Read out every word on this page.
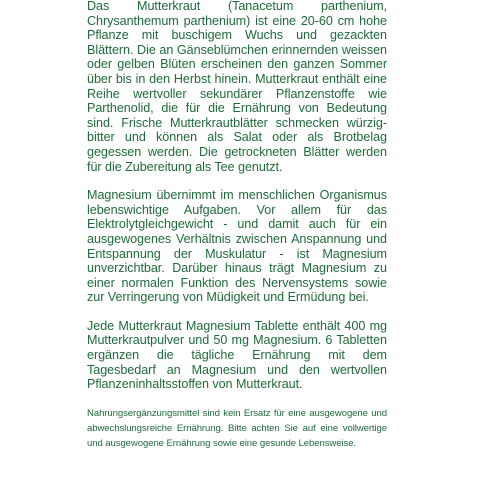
Das Mutterkraut (Tanacetum parthenium, Chrysanthemum parthenium) ist eine 20-60 cm hohe Pflanze mit buschigem Wuchs und gezackten Blättern. Die an Gänseblümchen erinnernden weissen oder gelben Blüten erscheinen den ganzen Sommer über bis in den Herbst hinein. Mutterkraut enthält eine Reihe wertvoller sekundärer Pflanzenstoffe wie Parthenolid, die für die Ernährung von Bedeutung sind. Frische Mutterkrautblätter schmecken würzig-bitter und können als Salat oder als Brotbelag gegessen werden. Die getrockneten Blätter werden für die Zubereitung als Tee genutzt.

Magnesium übernimmt im menschlichen Organismus lebenswichtige Aufgaben. Vor allem für das Elektrolytgleichgewicht - und damit auch für ein ausgewogenes Verhältnis zwischen Anspannung und Entspannung der Muskulatur - ist Magnesium unverzichtbar. Darüber hinaus trägt Magnesium zu einer normalen Funktion des Nervensystems sowie zur Verringerung von Müdigkeit und Ermüdung bei.

Jede Mutterkraut Magnesium Tablette enthält 400 mg Mutterkrautpulver und 50 mg Magnesium. 6 Tabletten ergänzen die tägliche Ernährung mit dem Tagesbedarf an Magnesium und den wertvollen Pflanzeninhaltsstoffen von Mutterkraut.

Nahrungsergänzungsmittel sind kein Ersatz für eine ausgewogene und abwechslungsreiche Ernährung. Bitte achten Sie auf eine vollwertige und ausgewogene Ernährung sowie eine gesunde Lebensweise.
